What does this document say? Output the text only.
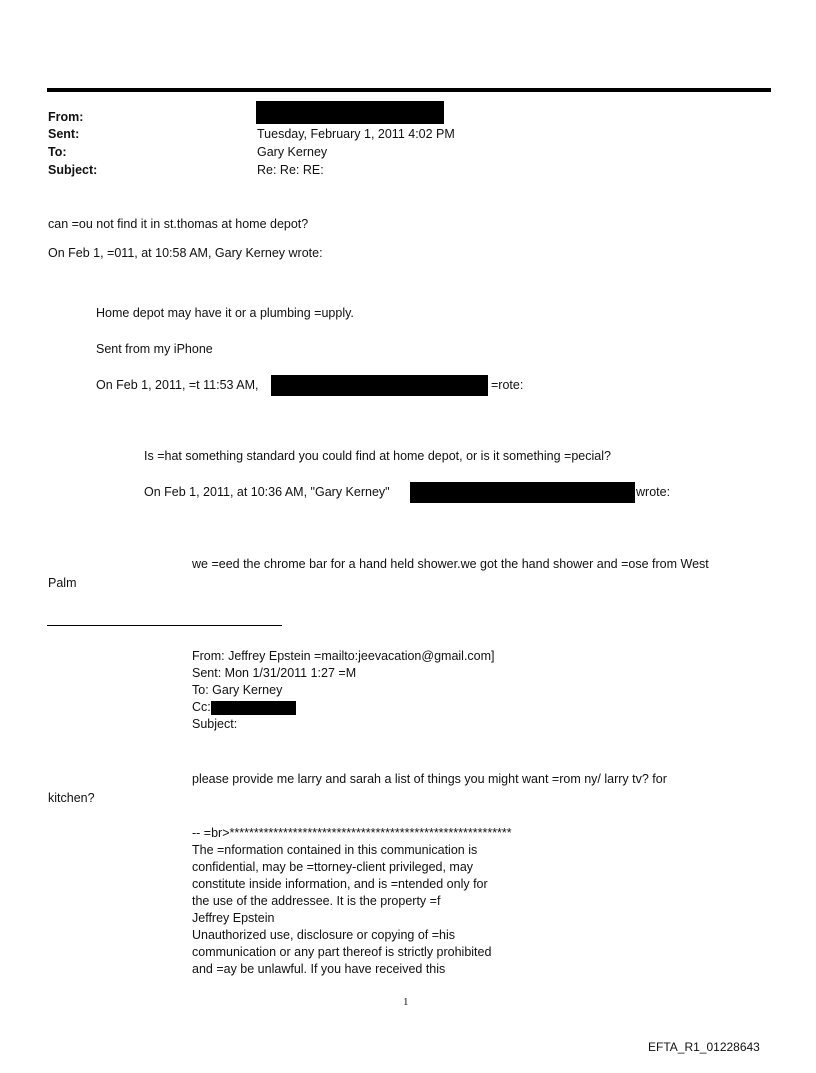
From:
Sent:	Tuesday, February 1, 2011 4:02 PM
To:	Gary Kerney
Subject:	Re: Re: RE:
can =ou not find it in st.thomas at home depot?
On Feb 1, =011, at 10:58 AM, Gary Kerney wrote:
Home depot may have it or a plumbing =upply.
Sent from my iPhone
On Feb 1, 2011, =t 11:53 AM,	=rote:
Is =hat something standard you could find at home depot, or is it something =pecial?
On Feb 1, 2011, at 10:36 AM, "Gary Kerney"	wrote:
we =eed the chrome bar for a hand held shower.we got the hand shower and =ose from West
Palm
From: Jeffrey Epstein =mailto:jeevacation@gmail.com]
Sent: Mon 1/31/2011 1:27 =M
To: Gary Kerney
Cc:
Subject:
please provide me larry and sarah a list of things you might want =rom ny/ larry tv? for
kitchen?
-- =br>**********************************************************
The =nformation contained in this communication is
confidential, may be =ttorney-client privileged, may
constitute inside information, and is =ntended only for
the use of the addressee. It is the property =f
Jeffrey Epstein
Unauthorized use, disclosure or copying of =his
communication or any part thereof is strictly prohibited
and =ay be unlawful. If you have received this
1
EFTA_R1_01228643
